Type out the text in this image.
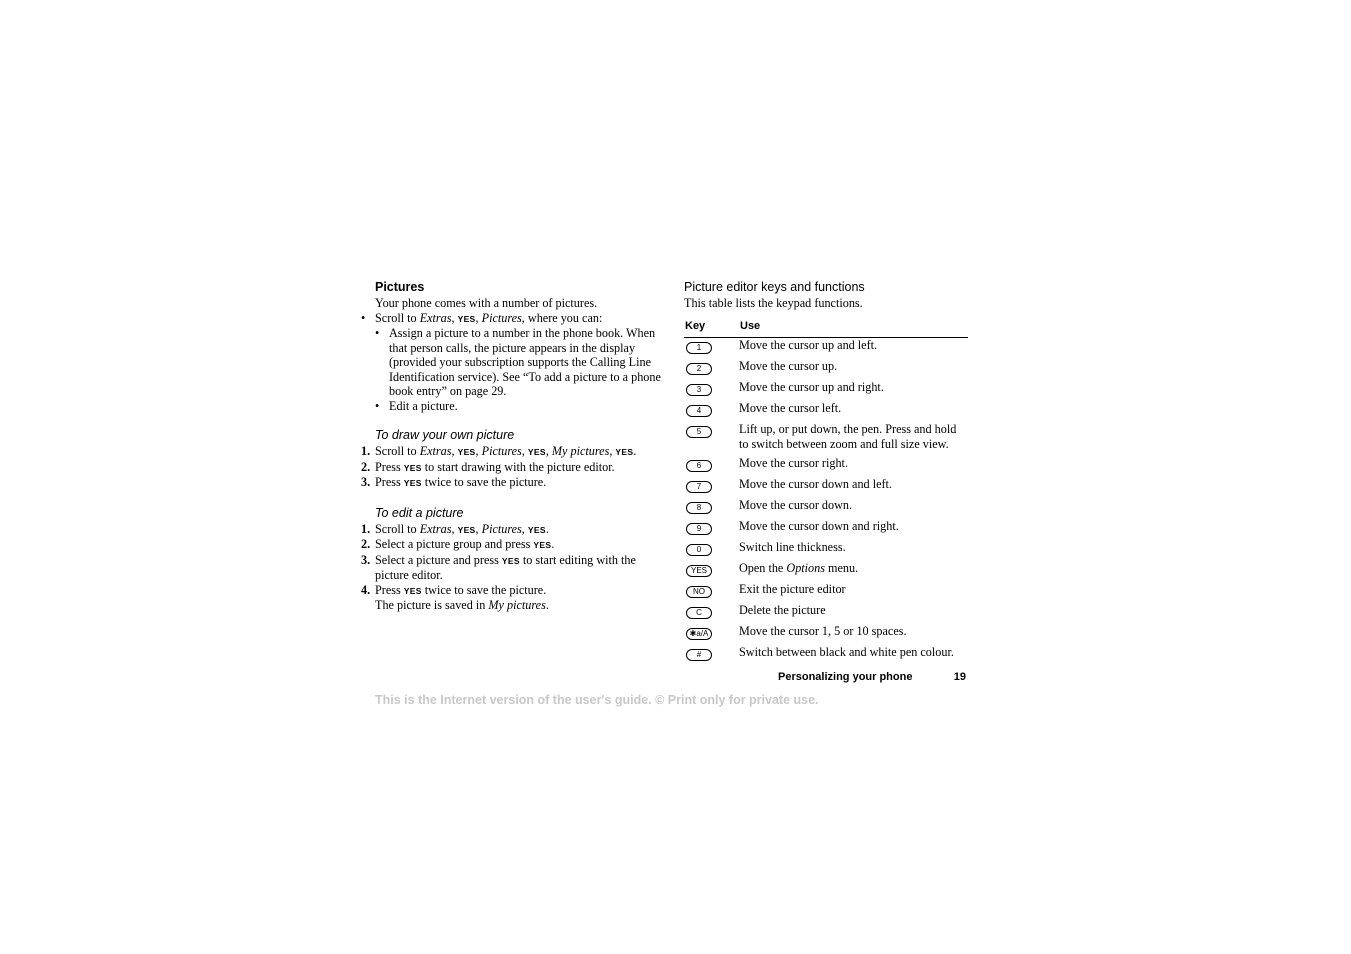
Pictures
Your phone comes with a number of pictures.
• Scroll to Extras, YES, Pictures, where you can:
• Assign a picture to a number in the phone book. When that person calls, the picture appears in the display (provided your subscription supports the Calling Line Identification service). See “To add a picture to a phone book entry” on page 29.
• Edit a picture.
To draw your own picture
1. Scroll to Extras, YES, Pictures, YES, My pictures, YES.
2. Press YES to start drawing with the picture editor.
3. Press YES twice to save the picture.
To edit a picture
1. Scroll to Extras, YES, Pictures, YES.
2. Select a picture group and press YES.
3. Select a picture and press YES to start editing with the picture editor.
4. Press YES twice to save the picture.
The picture is saved in My pictures.
Picture editor keys and functions
This table lists the keypad functions.
Key	Use
1	Move the cursor up and left.
2	Move the cursor up.
3	Move the cursor up and right.
4	Move the cursor left.
5	Lift up, or put down, the pen. Press and hold to switch between zoom and full size view.
6	Move the cursor right.
7	Move the cursor down and left.
8	Move the cursor down.
9	Move the cursor down and right.
0	Switch line thickness.
YES	Open the Options menu.
NO	Exit the picture editor
C	Delete the picture
✱a/A	Move the cursor 1, 5 or 10 spaces.
#	Switch between black and white pen colour.
Personalizing your phone	19
This is the Internet version of the user's guide. © Print only for private use.
